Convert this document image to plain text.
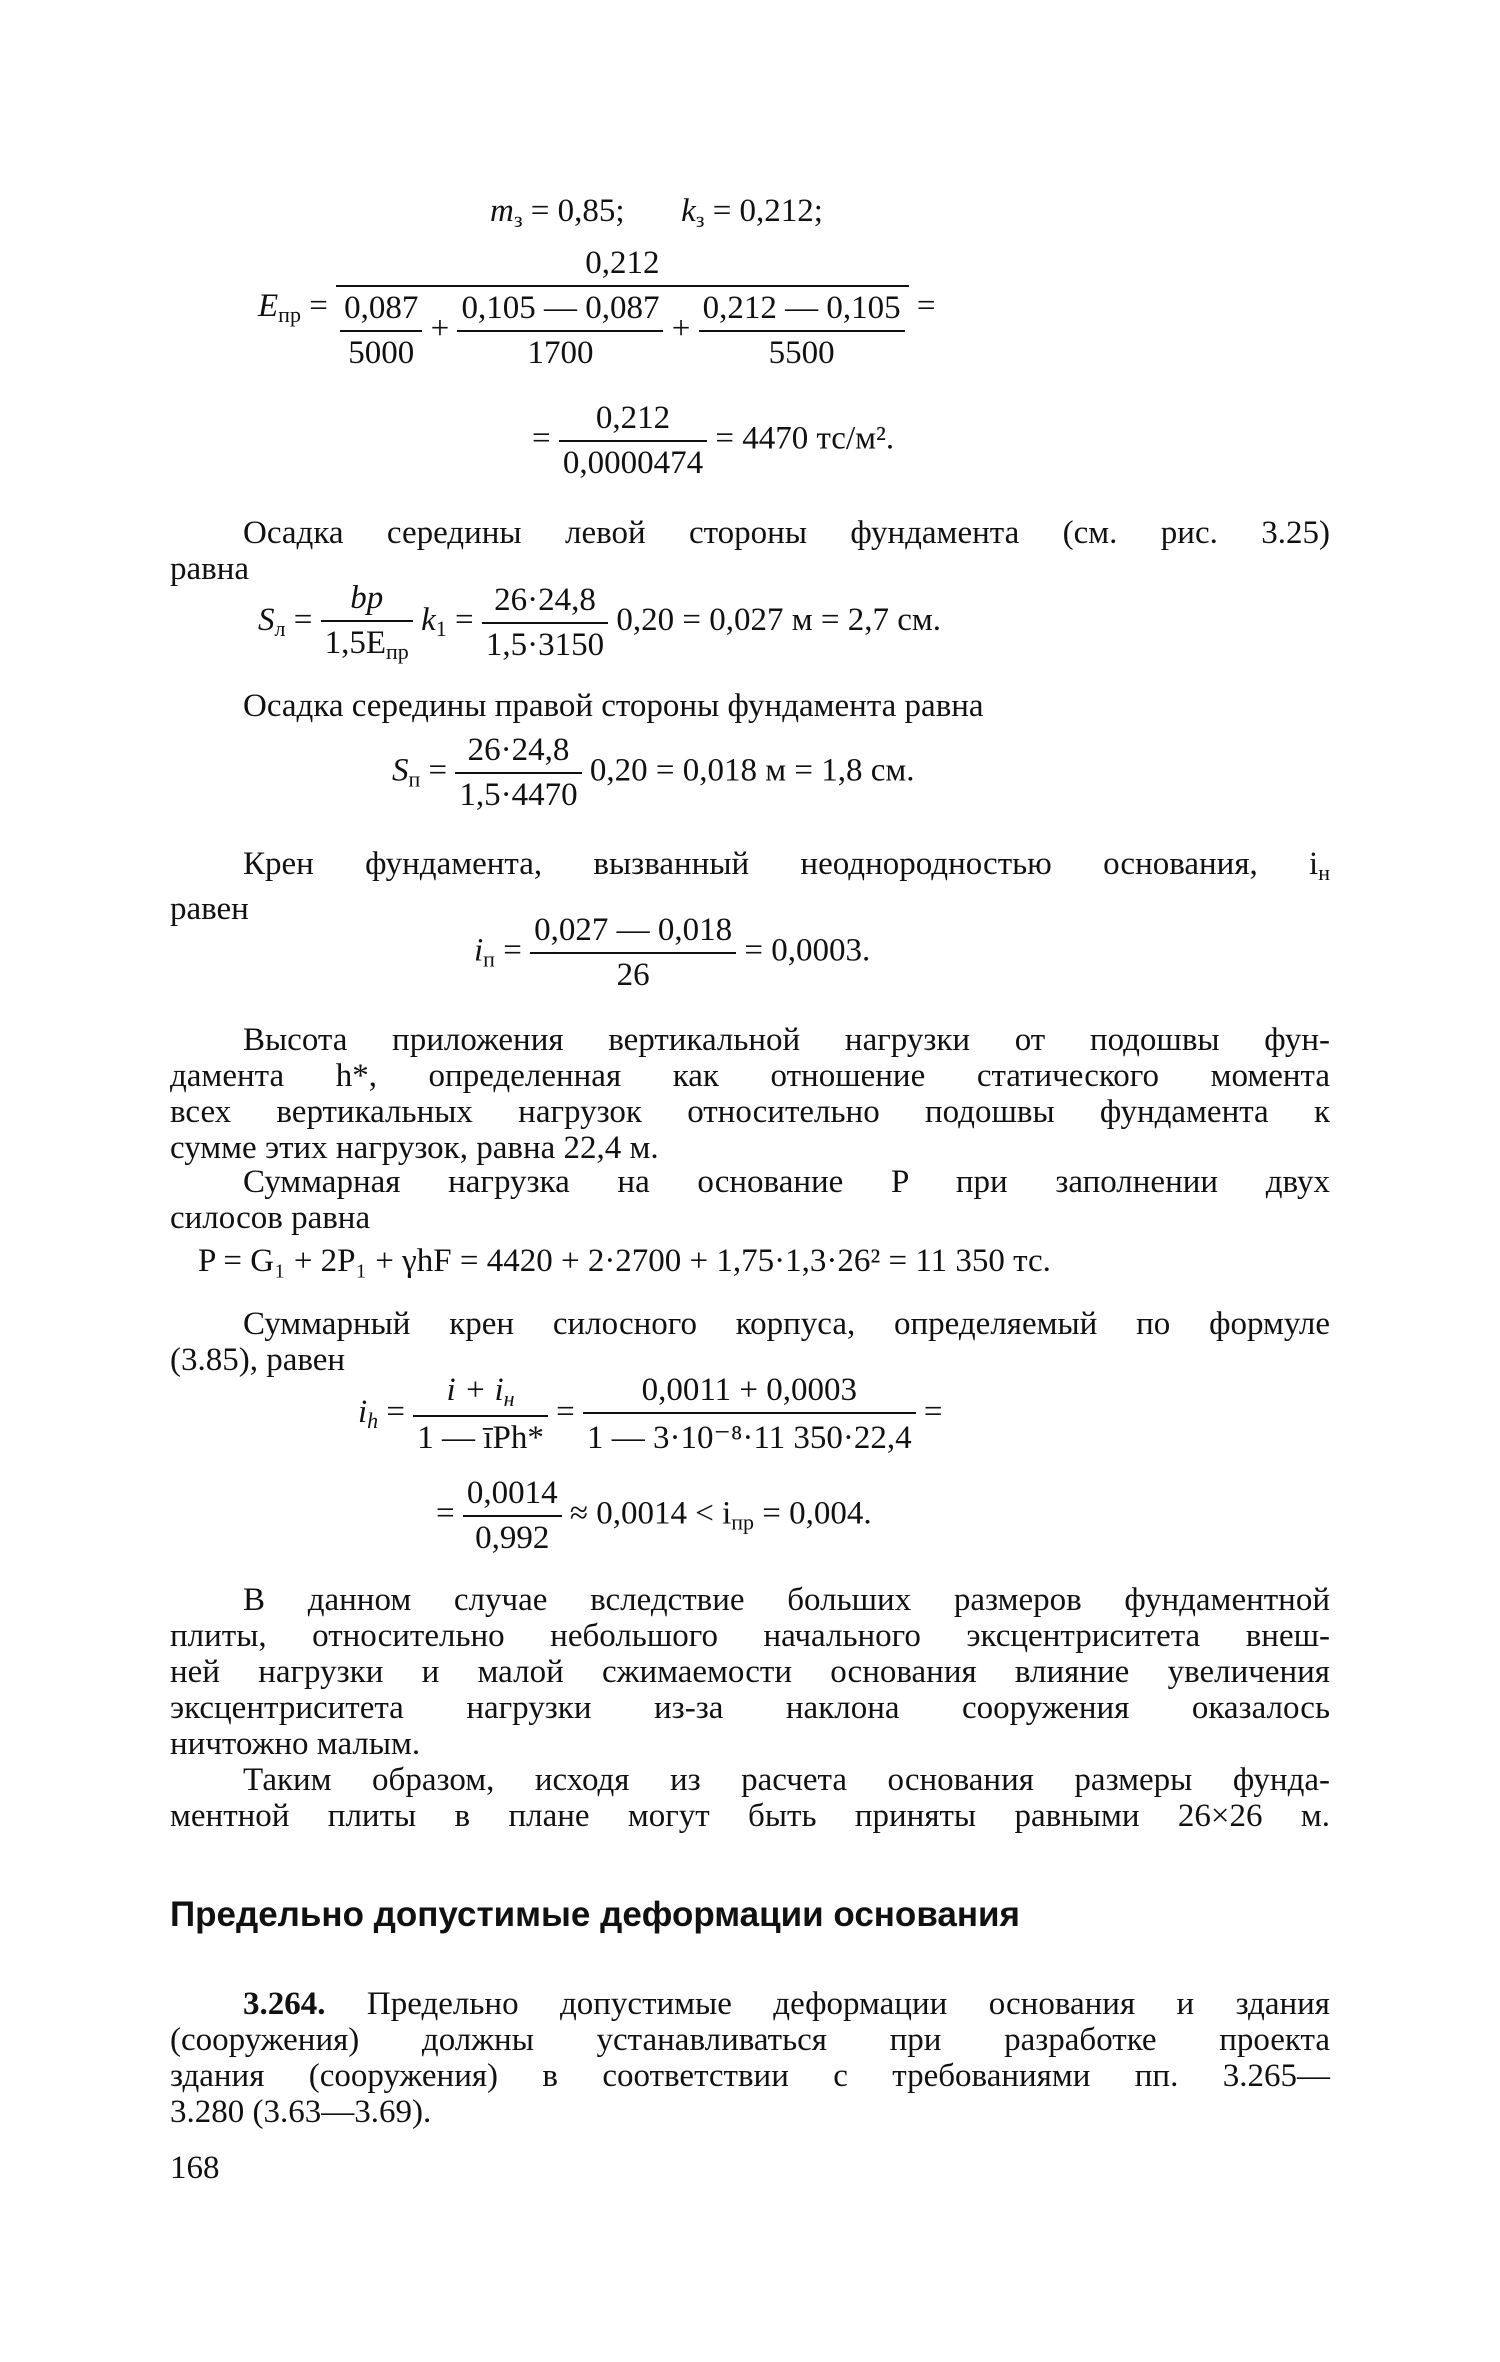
$m_з = 0,85$; $k_з = 0,212$;
$E_{пр}$ =
0,212
$\frac{0,087}{5000} + \frac{0,105 — 0,087}{1700} + \frac{0,212 — 0,105}{5500}$ =
= $\frac{0,212}{0,0000474} = 4470$ тс/м².
Осадка середины левой стороны фундамента (см. рис. 3.25)
равна
$S_л = \frac{bp}{1,5E_{пр}} k_1 = \frac{26\cdot 24,8}{1,5\cdot 3150} 0,20 = 0,027$ м = 2,7 см.
Осадка середины правой стороны фундамента равна
$S_п = \frac{26\cdot 24,8}{1,5\cdot 4470} 0,20 = 0,018$ м = 1,8 см.
Крен фундамента, вызванный неоднородностью основания, $i_н$
равен
$i_п = \frac{0,027 — 0,018}{26} = 0,0003$.
Высота приложения вертикальной нагрузки от подошвы фун-
дамента h*, определенная как отношение статического момента
всех вертикальных нагрузок относительно подошвы фундамента к
сумме этих нагрузок, равна 22,4 м.
Суммарная нагрузка на основание P при заполнении двух
силосов равна
P = G₁ + 2P₁ + γhF = 4420 + 2·2700 + 1,75·1,3·26² = 11 350 тс.
Суммарный крен силосного корпуса, определяемый по формуле
(3.85), равен
$i_h = \frac{i + i_н}{\text{1 — īPh*}} = \frac{0,0011 + 0,0003}{\text{1 — 3·10⁻⁸·11 350·22,4}}$ =
= $\frac{0,0014}{0,992} \approx 0,0014 < i_{пр} = 0,004$.
В данном случае вследствие больших размеров фундаментной
плиты, относительно небольшого начального эксцентриситета внеш-
ней нагрузки и малой сжимаемости основания влияние увеличения
эксцентриситета нагрузки из-за наклона сооружения оказалось
ничтожно малым.
Таким образом, исходя из расчета основания размеры фунда-
ментной плиты в плане могут быть приняты равными 26×26 м.
Предельно допустимые деформации основания
3.264. Предельно допустимые деформации основания и здания
(сооружения) должны устанавливаться при разработке проекта
здания (сооружения) в соответствии с требованиями пп. 3.265—
3.280 (3.63—3.69).
168
